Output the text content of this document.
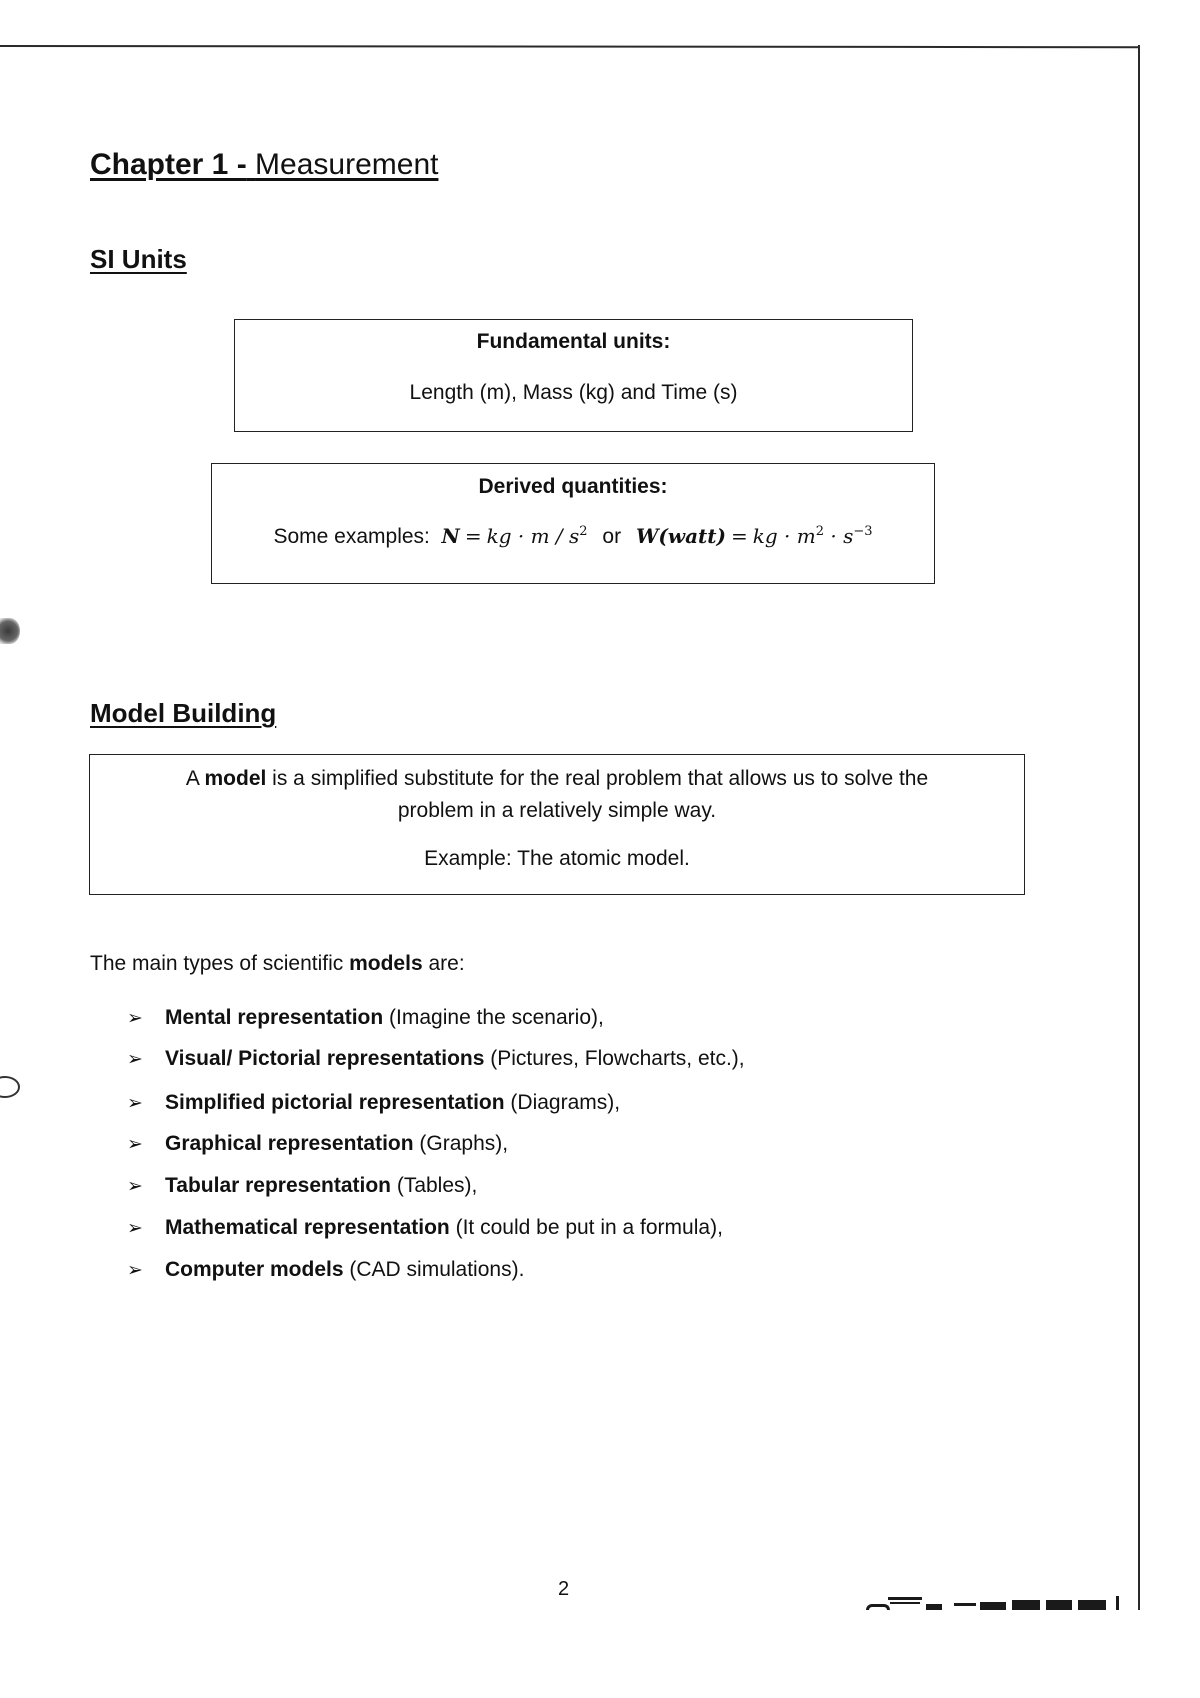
Chapter 1 - Measurement
SI Units
Fundamental units:
Length (m), Mass (kg) and Time (s)
Derived quantities:
Some examples: N = kg · m / $s^2$ or W(watt) = kg · $m^2 \cdot s^{-3}$
Model Building
A model is a simplified substitute for the real problem that allows us to solve the
problem in a relatively simple way.
Example: The atomic model.
The main types of scientific models are:
➢Mental representation (Imagine the scenario),
➢Visual/ Pictorial representations (Pictures, Flowcharts, etc.),
➢Simplified pictorial representation (Diagrams),
➢Graphical representation (Graphs),
➢Tabular representation (Tables),
➢Mathematical representation (It could be put in a formula),
➢Computer models (CAD simulations).
2
